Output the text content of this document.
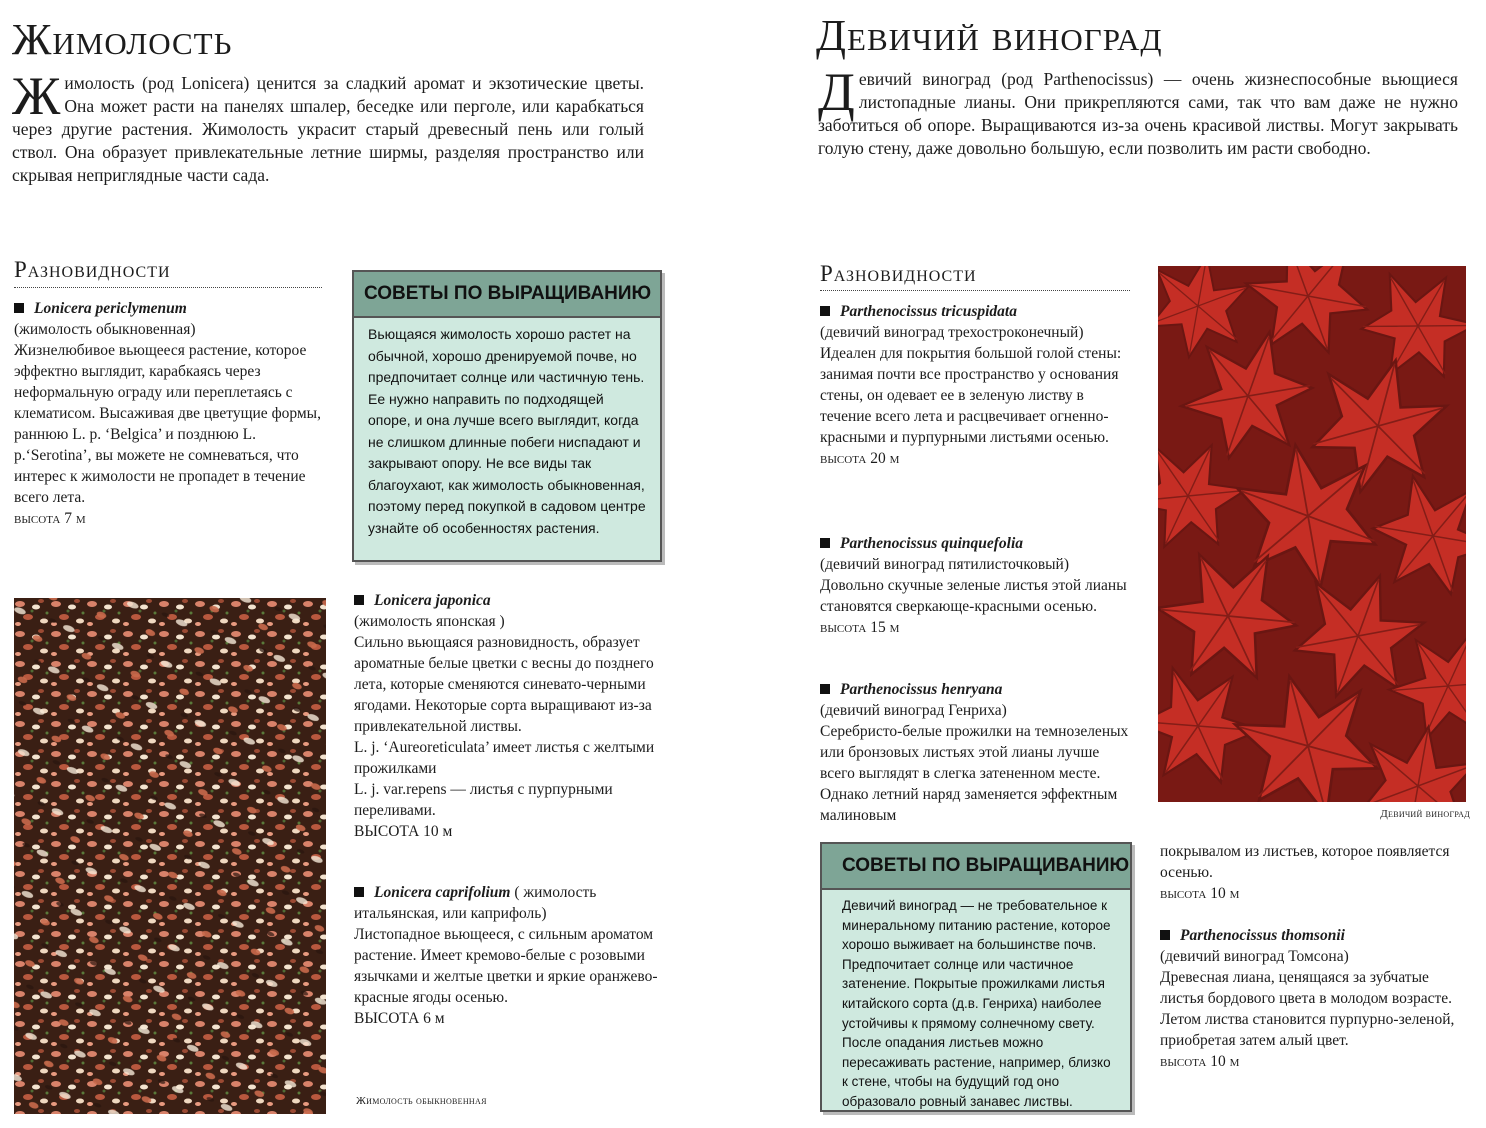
Жимолость
Ж имолость (род Lonicera) ценится за сладкий аромат и экзотические цветы. Она может расти на панелях шпалер, беседке или перголе, или карабкаться через другие растения. Жимолость украсит старый древесный пень или голый ствол. Она образует привлекательные летние ширмы, разделяя пространство или скрывая неприглядные части сада.
Разновидности

Lonicera periclymenum

(жимолость обыкновенная)

Жизнелюбивое вьющееся растение, которое эффектно выглядит, карабкаясь через неформальную ограду или переплетаясь с клематисом. Высаживая две цветущие формы, раннюю L. p. ‘Belgica’ и позднюю L. p.‘Serotina’, вы можете не сомневаться, что интерес к жимолости не пропадет в течение всего лета.

высота 7 м

СОВЕТЫ ПО ВЫРАЩИВАНИЮ

Вьющаяся жимолость хорошо растет на обычной, хорошо дренируемой почве, но предпочитает солнце или частичную тень. Ее нужно направить по подходящей опоре, и она лучше всего выглядит, когда не слишком длинные побеги ниспадают и закрывают опору. Не все виды так благоухают, как жимолость обыкновенная, поэтому перед покупкой в садовом центре узнайте об особенностях растения.

Lonicera japonica

(жимолость японская )

Сильно вьющаяся разновидность, образует ароматные белые цветки с весны до позднего лета, которые сменяются синевато-черными ягодами. Некоторые сорта выращивают из-за привлекательной листвы.

L. j. ‘Aureoreticulata’ имеет листья с желтыми прожилками

L. j. var.repens — листья с пурпурными переливами.

ВЫСОТА 10 м

Lonicera caprifolium ( жимолость итальянская, или каприфоль)

Листопадное вьющееся, с сильным ароматом растение. Имеет кремово-белые с розовыми язычками и желтые цветки и яркие оранжево-красные ягоды осенью.

ВЫСОТА 6 м

Жимолость обыкновенная
Девичий виноград
Д евичий виноград (род Parthenocissus) — очень жизнеспособные вьющиеся листопадные лианы. Они прикрепляются сами, так что вам даже не нужно заботиться об опоре. Выращиваются из-за очень красивой листвы. Могут закрывать голую стену, даже довольно большую, если позволить им расти свободно.
Разновидности

Parthenocissus tricuspidata

(девичий виноград трехостроконечный)

Идеален для покрытия большой голой стены: занимая почти все пространство у основания стены, он одевает ее в зеленую листву в течение всего лета и расцвечивает огненно-красными и пурпурными листьями осенью.

высота 20 м

Parthenocissus quinquefolia

(девичий виноград пятилисточковый)

Довольно скучные зеленые листья этой лианы становятся сверкающе-красными осенью.

высота 15 м

Parthenocissus henryana

(девичий виноград Генриха)

Серебристо-белые прожилки на темнозеленых или бронзовых листьях этой лианы лучше всего выглядят в слегка затененном месте. Однако летний наряд заменяется эффектным малиновым

СОВЕТЫ ПО ВЫРАЩИВАНИЮ

Девичий виноград — не требовательное к минеральному питанию растение, которое хорошо выживает на большинстве почв. Предпочитает солнце или частичное затенение. Покрытые прожилками листья китайского сорта (д.в. Генриха) наиболее устойчивы к прямому солнечному свету. После опадания листьев можно пересаживать растение, например, близко к стене, чтобы на будущий год оно образовало ровный занавес листвы.

Девичий виноград

покрывалом из листьев, которое появляется осенью.

высота 10 м

Parthenocissus thomsonii

(девичий виноград Томсона)

Древесная лиана, ценящаяся за зубчатые листья бордового цвета в молодом возрасте. Летом листва становится пурпурно-зеленой, приобретая затем алый цвет.

высота 10 м
